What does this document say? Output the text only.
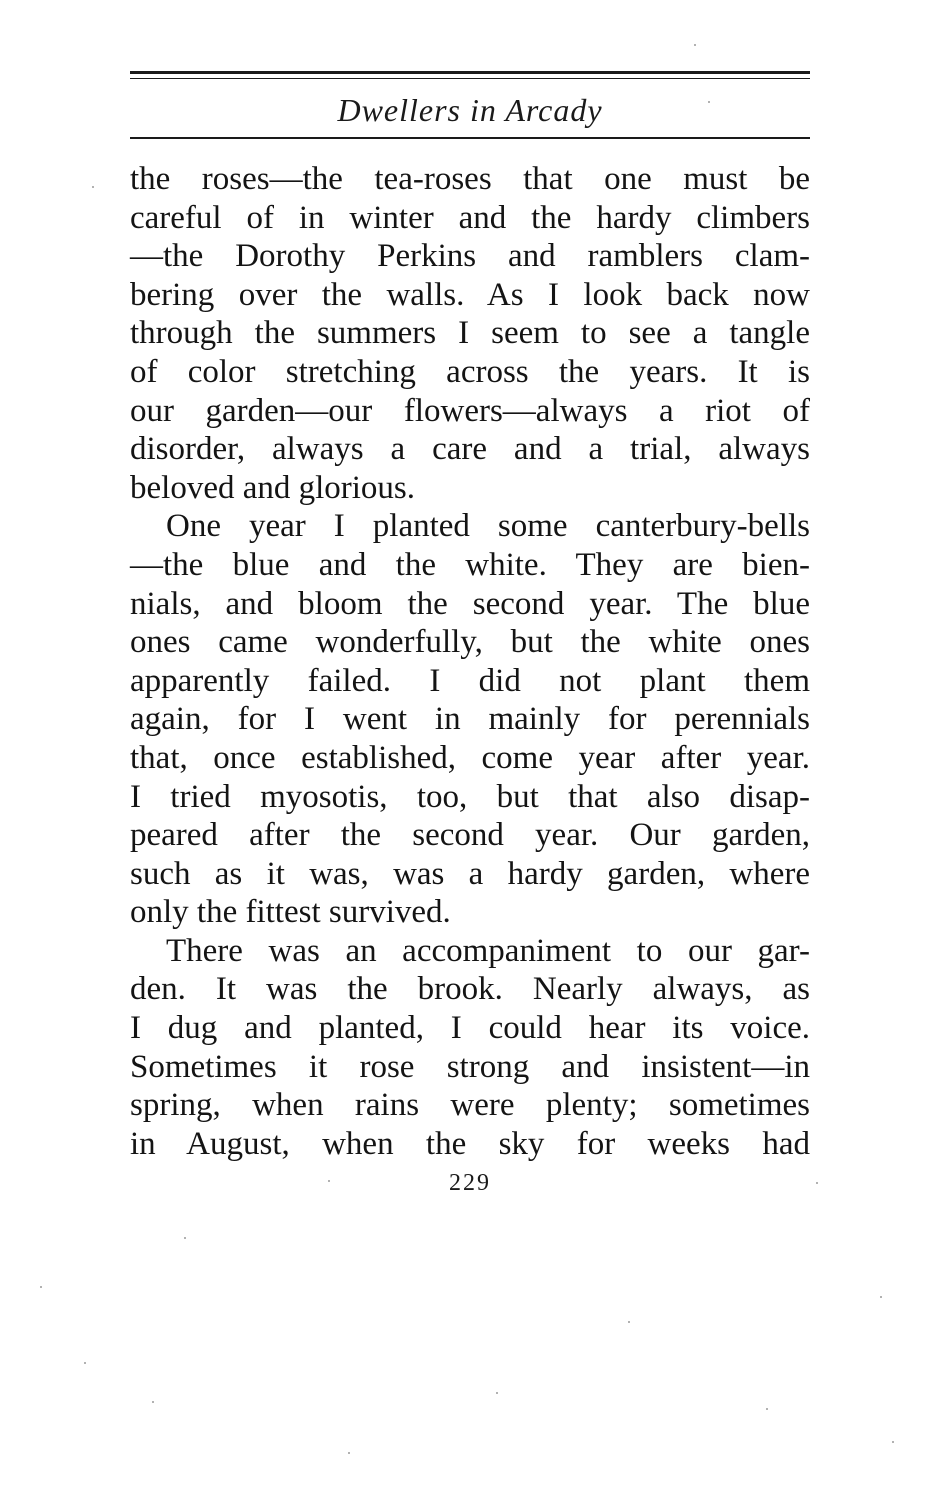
Dwellers in Arcady
the roses—the tea-roses that one must be
careful of in winter and the hardy climbers
—the Dorothy Perkins and ramblers clam-
bering over the walls. As I look back now
through the summers I seem to see a tangle
of color stretching across the years. It is
our garden—our flowers—always a riot of
disorder, always a care and a trial, always
beloved and glorious.
One year I planted some canterbury-bells
—the blue and the white. They are bien-
nials, and bloom the second year. The blue
ones came wonderfully, but the white ones
apparently failed. I did not plant them
again, for I went in mainly for perennials
that, once established, come year after year.
I tried myosotis, too, but that also disap-
peared after the second year. Our garden,
such as it was, was a hardy garden, where
only the fittest survived.
There was an accompaniment to our gar-
den. It was the brook. Nearly always, as
I dug and planted, I could hear its voice.
Sometimes it rose strong and insistent—in
spring, when rains were plenty; sometimes
in August, when the sky for weeks had
229
